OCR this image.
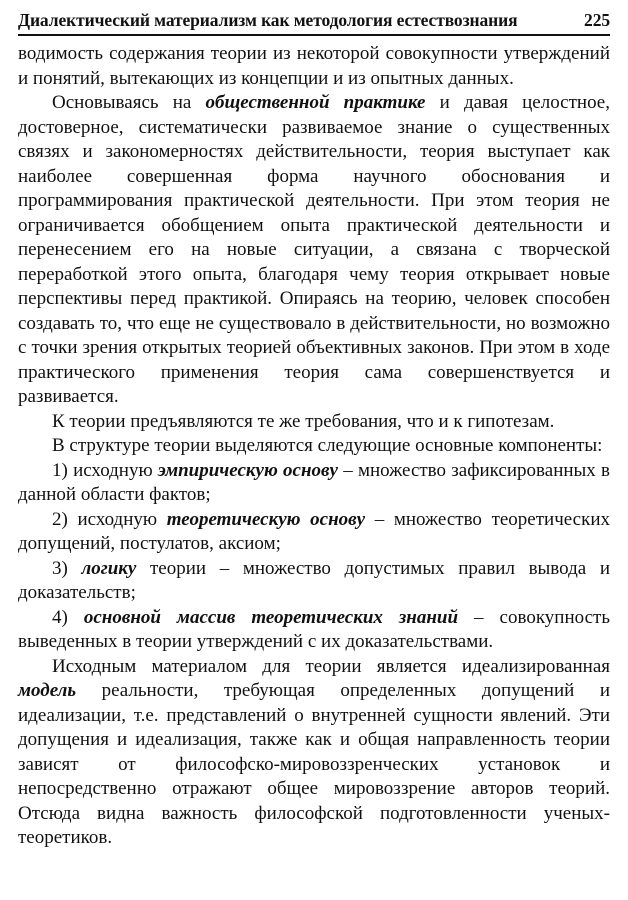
Диалектический материализм как методология естествознания	225

водимость содержания теории из некоторой совокупности утверждений и понятий, вытекающих из концепции и из опытных данных.

Основываясь на общественной практике и давая целостное, достоверное, систематически развиваемое знание о существенных связях и закономерностях действительности, теория выступает как наиболее совершенная форма научного обоснования и программирования практической деятельности. При этом теория не ограничивается обобщением опыта практической деятельности и перенесением его на новые ситуации, а связана с творческой переработкой этого опыта, благодаря чему теория открывает новые перспективы перед практикой. Опираясь на теорию, человек способен создавать то, что еще не существовало в действительности, но возможно с точки зрения открытых теорией объективных законов. При этом в ходе практического применения теория сама совершенствуется и развивается.

К теории предъявляются те же требования, что и к гипотезам.

В структуре теории выделяются следующие основные компоненты:

1) исходную эмпирическую основу – множество зафиксированных в данной области фактов;

2) исходную теоретическую основу – множество теоретических допущений, постулатов, аксиом;

3) логику теории – множество допустимых правил вывода и доказательств;

4) основной массив теоретических знаний – совокупность выведенных в теории утверждений с их доказательствами.

Исходным материалом для теории является идеализированная модель реальности, требующая определенных допущений и идеализации, т.е. представлений о внутренней сущности явлений. Эти допущения и идеализация, также как и общая направленность теории зависят от философско-мировоззренческих установок и непосредственно отражают общее мировоззрение авторов теорий. Отсюда видна важность философской подготовленности ученых-теоретиков.
